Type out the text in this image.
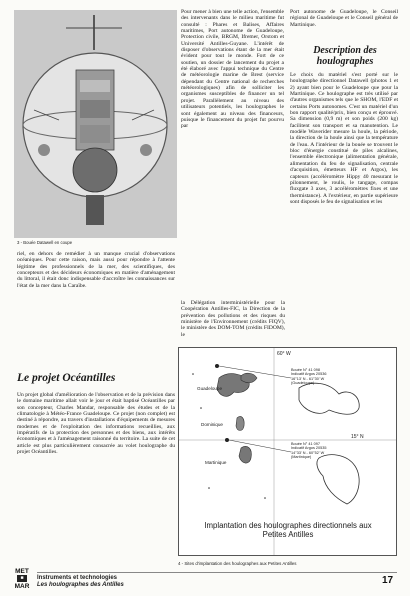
3 - Bouée Datawell en coupe
Pour mener à bien une telle action, l'ensemble des intervenants dans le milieu maritime fut consulté : Phares et Balises, Affaires maritimes, Port autonome de Guadeloupe, Protection civile, BRGM, Ifremer, Orstom et Université Antilles-Guyane. L'intérêt de disposer d'observations étant de la mer était évident pour tout le monde. Fort de ce soutien, un dossier de lancement du projet a été élaboré avec l'appui technique du Centre de météorologie marine de Brest (service dépendant du Centre national de recherches météorologiques) afin de solliciter les organismes susceptibles de financer un tel projet. Parallèlement au niveau des utilisateurs potentiels, les houlographes le sont également au niveau des financeurs, puisque le financement du projet fut pourvu par
Port autonome de Guadeloupe, le Conseil régional de Guadeloupe et le Conseil général de Martinique.
Description des houlographes
Le choix du matériel s'est porté sur le houlographe directionnel Datawell (photos 1 et 2) ayant bien pour le Guadeloupe que pour la Martinique. Ce houlographe est très utilisé par d'autres organismes tels que le SHOM, l'EDF et certains Ports autonomes. C'est un matériel d'un bon rapport qualité/prix, bien conçu et éprouvé. Sa dimension (0,9 m) et son poids (200 kg) facilitent son transport et sa manutention. Le modèle Waverider mesure la houle, la période, la direction de la houle ainsi que la température de l'eau. A l'intérieur de la bouée se trouvent le bloc d'énergie constitué de piles alcalines, l'ensemble électronique (alimentation générale, alimentation du feu de signalisation, centrale d'acquisition, émetteurs HF et Argos), les capteurs (accéléromètre Hippy 40 mesurant le pilonnement, le roulis, le tangage, compas fluxgate 3 axes, 3 accéléromètres fixes et une thermistance). A l'extérieur, en partie supérieure sont disposés le feu de signalisation et les
riel, en dehors de remédier à un manque crucial d'observations océaniques. Pour cette raison, mais aussi pour répondre à l'attente légitime des professionnels de la mer, des scientifiques, des concepteurs et des décideurs économiques en matière d'aménagement du littoral, il était donc indispensable d'accroître les connaissances sur l'état de la mer dans la Caraïbe.
la Délégation interministérielle pour la Coopération Antilles-FIC, la Direction de la prévention des pollutions et des risques du ministère de l'Environnement (crédits FIQV), le ministère des DOM-TOM (crédits FIDOM), le
Le projet Océantilles
Un projet global d'amélioration de l'observation et de la prévision dans le domaine maritime allait voir le jour et était baptisé Océantilles par son concepteur, Charles Mandar, responsable des études et de la climatologie à Météo-France Guadeloupe. Ce projet (non complet) est destiné à répondre, au travers d'installations d'équipements de mesures modernes et de l'exploitation des informations recueillies, aux impératifs de la protection des personnes et des biens, aux intérêts économiques et à l'aménagement raisonné du territoire. La suite de cet article est plus particulièrement consacrée au volet houlographe du projet Océantilles.
60° W
15° N
Guadeloupe
Dominique
Martinique
Bouée N° 41 098
Indicatif Argos 20536
16°13' N - 61°30' W
(Guadeloupe)
Bouée N° 41 097
Indicatif Argos 20535
14°33' N - 60°52' W
(Martinique)
Implantation des houlographes directionnels aux Petites Antilles
4 - Sites d'implantation des houlographes aux Petites Antilles
MET
■
MAR
Instruments et technologies
Les houlographes des Antilles	17
